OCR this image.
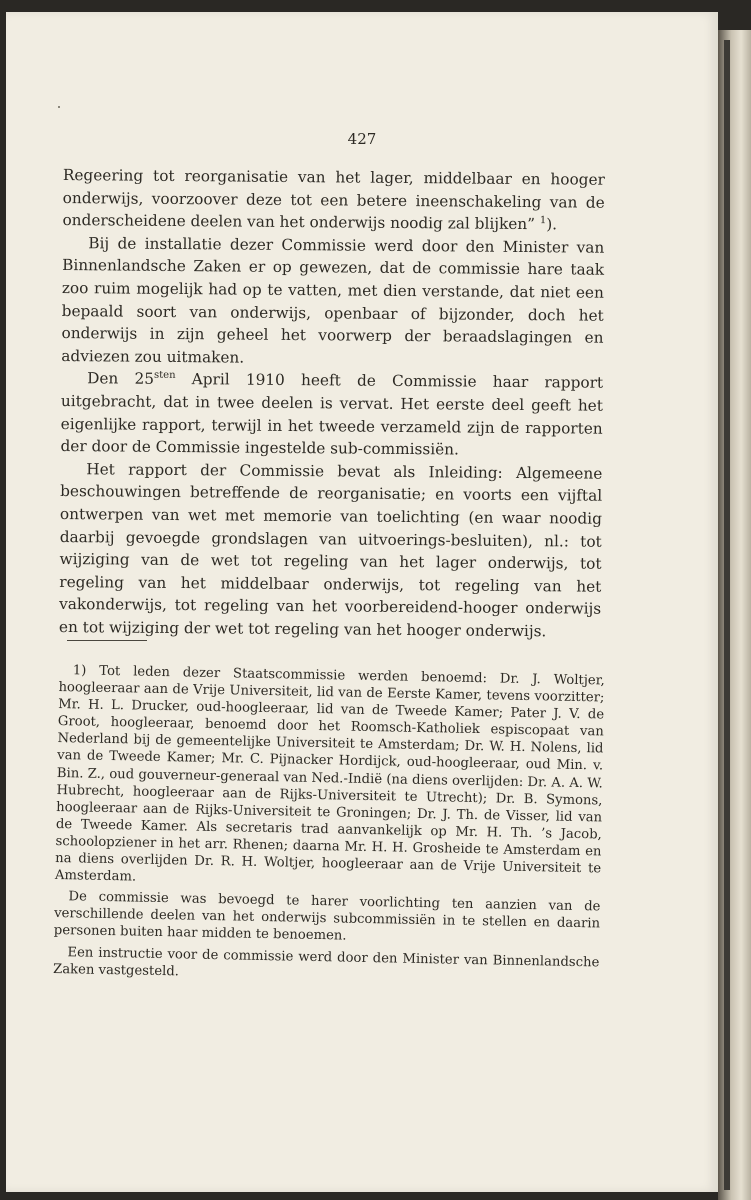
427

Regeering tot reorganisatie van het lager, middelbaar en hooger onderwijs, voorzoover deze tot een betere ineenschakeling van de onderscheidene deelen van het onderwijs noodig zal blijken” $^1$).

Bij de installatie dezer Commissie werd door den Minister van Binnenlandsche Zaken er op gewezen, dat de commissie hare taak zoo ruim mogelijk had op te vatten, met dien verstande, dat niet een bepaald soort van onderwijs, openbaar of bijzonder, doch het onderwijs in zijn geheel het voorwerp der beraadslagingen en adviezen zou uitmaken.

Den $25^{sten}$ April 1910 heeft de Commissie haar rapport uitgebracht, dat in twee deelen is vervat. Het eerste deel geeft het eigenlijke rapport, terwijl in het tweede verzameld zijn de rapporten der door de Commissie ingestelde sub-commissiën.

Het rapport der Commissie bevat als Inleiding: Algemeene beschouwingen betreffende de reorganisatie; en voorts een vijftal ontwerpen van wet met memorie van toelichting (en waar noodig daarbij gevoegde grondslagen van uitvoerings-besluiten), nl.: tot wijziging van de wet tot regeling van het lager onderwijs, tot regeling van het middelbaar onderwijs, tot regeling van het vakonderwijs, tot regeling van het voorbereidend-hooger onderwijs en tot wijziging der wet tot regeling van het hooger onderwijs.

1) Tot leden dezer Staatscommissie werden benoemd: Dr. J. Woltjer, hoogleeraar aan de Vrije Universiteit, lid van de Eerste Kamer, tevens voorzitter; Mr. H. L. Drucker, oud-hoogleeraar, lid van de Tweede Kamer; Pater J. V. de Groot, hoogleeraar, benoemd door het Roomsch-Katholiek espiscopaat van Nederland bij de gemeentelijke Universiteit te Amsterdam; Dr. W. H. Nolens, lid van de Tweede Kamer; Mr. C. Pijnacker Hordijck, oud-hoogleeraar, oud Min. v. Bin. Z., oud gouverneur-generaal van Ned.-Indië (na diens overlijden: Dr. A. A. W. Hubrecht, hoogleeraar aan de Rijks-Universiteit te Utrecht); Dr. B. Symons, hoogleeraar aan de Rijks-Universiteit te Groningen; Dr. J. Th. de Visser, lid van de Tweede Kamer. Als secretaris trad aanvankelijk op Mr. H. Th. ’s Jacob, schoolopziener in het arr. Rhenen; daarna Mr. H. H. Grosheide te Amsterdam en na diens overlijden Dr. R. H. Woltjer, hoogleeraar aan de Vrije Universiteit te Amsterdam.

De commissie was bevoegd te harer voorlichting ten aanzien van de verschillende deelen van het onderwijs subcommissiën in te stellen en daarin personen buiten haar midden te benoemen.

Een instructie voor de commissie werd door den Minister van Binnenlandsche Zaken vastgesteld.
